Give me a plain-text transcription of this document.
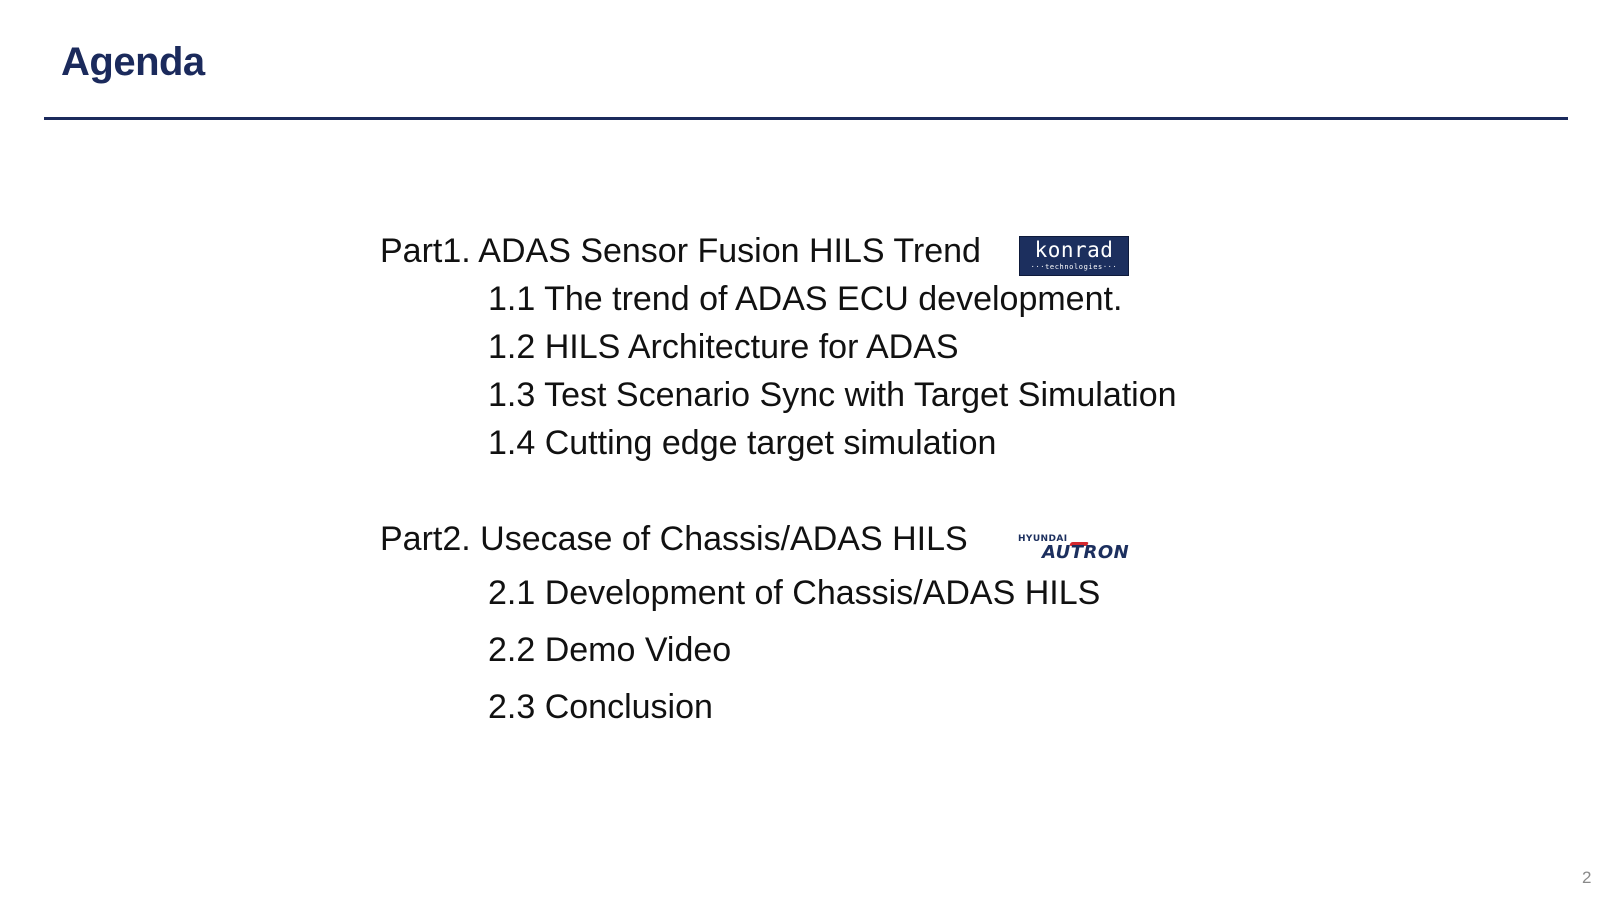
Agenda
Part1. ADAS Sensor Fusion HILS Trend
1.1 The trend of ADAS ECU development.
1.2 HILS Architecture for ADAS
1.3 Test Scenario Sync with Target Simulation
1.4 Cutting edge target simulation
Part2. Usecase of Chassis/ADAS HILS
2.1 Development of Chassis/ADAS HILS
2.2 Demo Video
2.3 Conclusion
konrad
···technologies···
HYUNDAI
AUTRON
2
